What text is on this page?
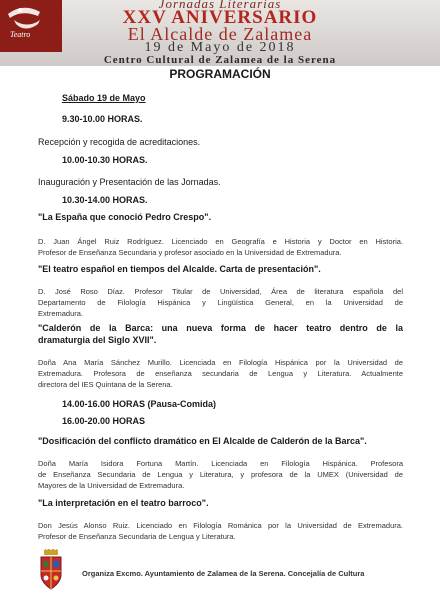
Teatro
Jornadas Literarias
XXV ANIVERSARIO
El Alcalde de Zalamea
19 de Mayo de 2018
Centro Cultural de Zalamea de la Serena
PROGRAMACIÓN
Sábado 19 de Mayo
9.30-10.00 HORAS.
Recepción y recogida de acreditaciones.
10.00-10.30 HORAS.
Inauguración y Presentación de las Jornadas.
10.30-14.00 HORAS.
"La España que conoció Pedro Crespo".
D. Juan Ángel Ruiz Rodríguez. Licenciado en Geografía e Historia y Doctor en Historia.
Profesor de Enseñanza Secundaria y profesor asociado en la Universidad de Extremadura.
"El teatro español en tiempos del Alcalde. Carta de presentación".
D. José Roso Díaz. Profesor Titular de Universidad, Área de literatura española del
Departamento de Filología Hispánica y Lingüística General, en la Universidad de
Extremadura.
"Calderón de la Barca: una nueva forma de hacer teatro dentro de la
dramaturgia del Siglo XVII".
Doña Ana María Sánchez Murillo. Licenciada en Filología Hispánica por la Universidad de
Extremadura. Profesora de enseñanza secundaria de Lengua y Literatura. Actualmente
directora del IES Quintana de la Serena.
14.00-16.00 HORAS (Pausa-Comida)
16.00-20.00 HORAS
"Dosificación del conflicto dramático en El Alcalde de Calderón de la Barca".
Doña María Isidora Fortuna Martín. Licenciada en Filología Hispánica. Profesora
de Enseñanza Secundaria de Lengua y Literatura, y profesora de la UMEX (Universidad de
Mayores de la Universidad de Extremadura.
"La interpretación en el teatro barroco".
Don Jesús Alonso Ruiz. Licenciado en Filología Románica por la Universidad de Extremadura.
Profesor de Enseñanza Secundaria de Lengua y Literatura.
Organiza Excmo. Ayuntamiento de Zalamea de la Serena. Concejalía de Cultura
